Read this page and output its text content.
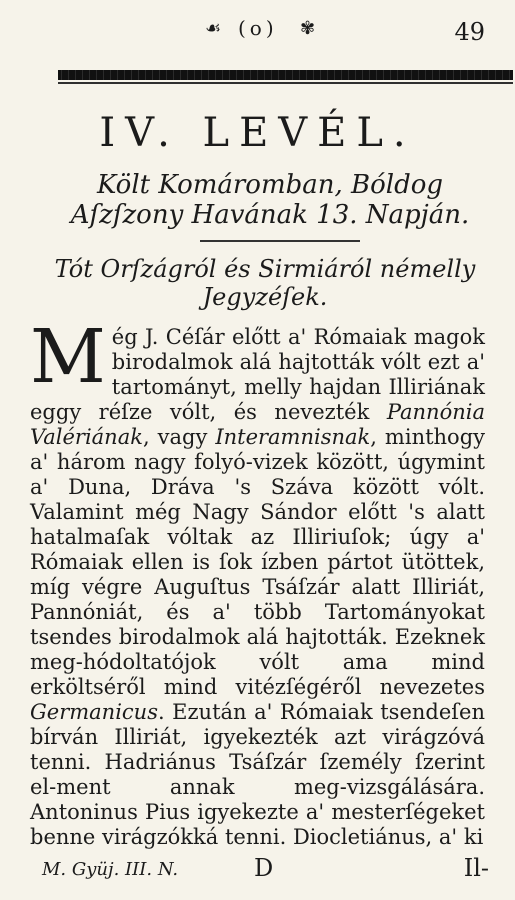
☙ (o) ✾	49
IV. LEVÉL.
Költ Komáromban, Bóldog Aſzſzony Havának 13. Napján.
Tót Orſzágról és Sirmiáról némelly Jegyzéſek.
Még J. Céſár előtt a' Rómaiak magok birodalmok alá hajtották vólt ezt a' tartományt, melly hajdan Illiriának eggy réſze vólt, és nevezték Pannónia Valériának, vagy Interamnisnak, minthogy a' három nagy folyó-vizek között, úgymint a' Duna, Dráva 's Száva között vólt. Valamint még Nagy Sándor előtt 's alatt hatalmaſak vóltak az Illiriuſok; úgy a' Rómaiak ellen is ſok ízben pártot ütöttek, míg végre Auguſtus Tsáſzár alatt Illiriát, Pannóniát, és a' több Tartományokat tsendes birodalmok alá hajtották. Ezeknek meg-hódoltatójok vólt ama mind erköltséről mind vitézſégéről nevezetes Germanicus. Ezután a' Rómaiak tsendeſen bírván Illiriát, igyekezték azt virágzóvá tenni. Hadriánus Tsáſzár ſzemély ſzerint el-ment annak meg-vizsgálására. Antoninus Pius igyekezte a' mesterſégeket benne virágzókká tenni. Diocletiánus, a' ki
M. Gyüj. III. N.	D	Il-
